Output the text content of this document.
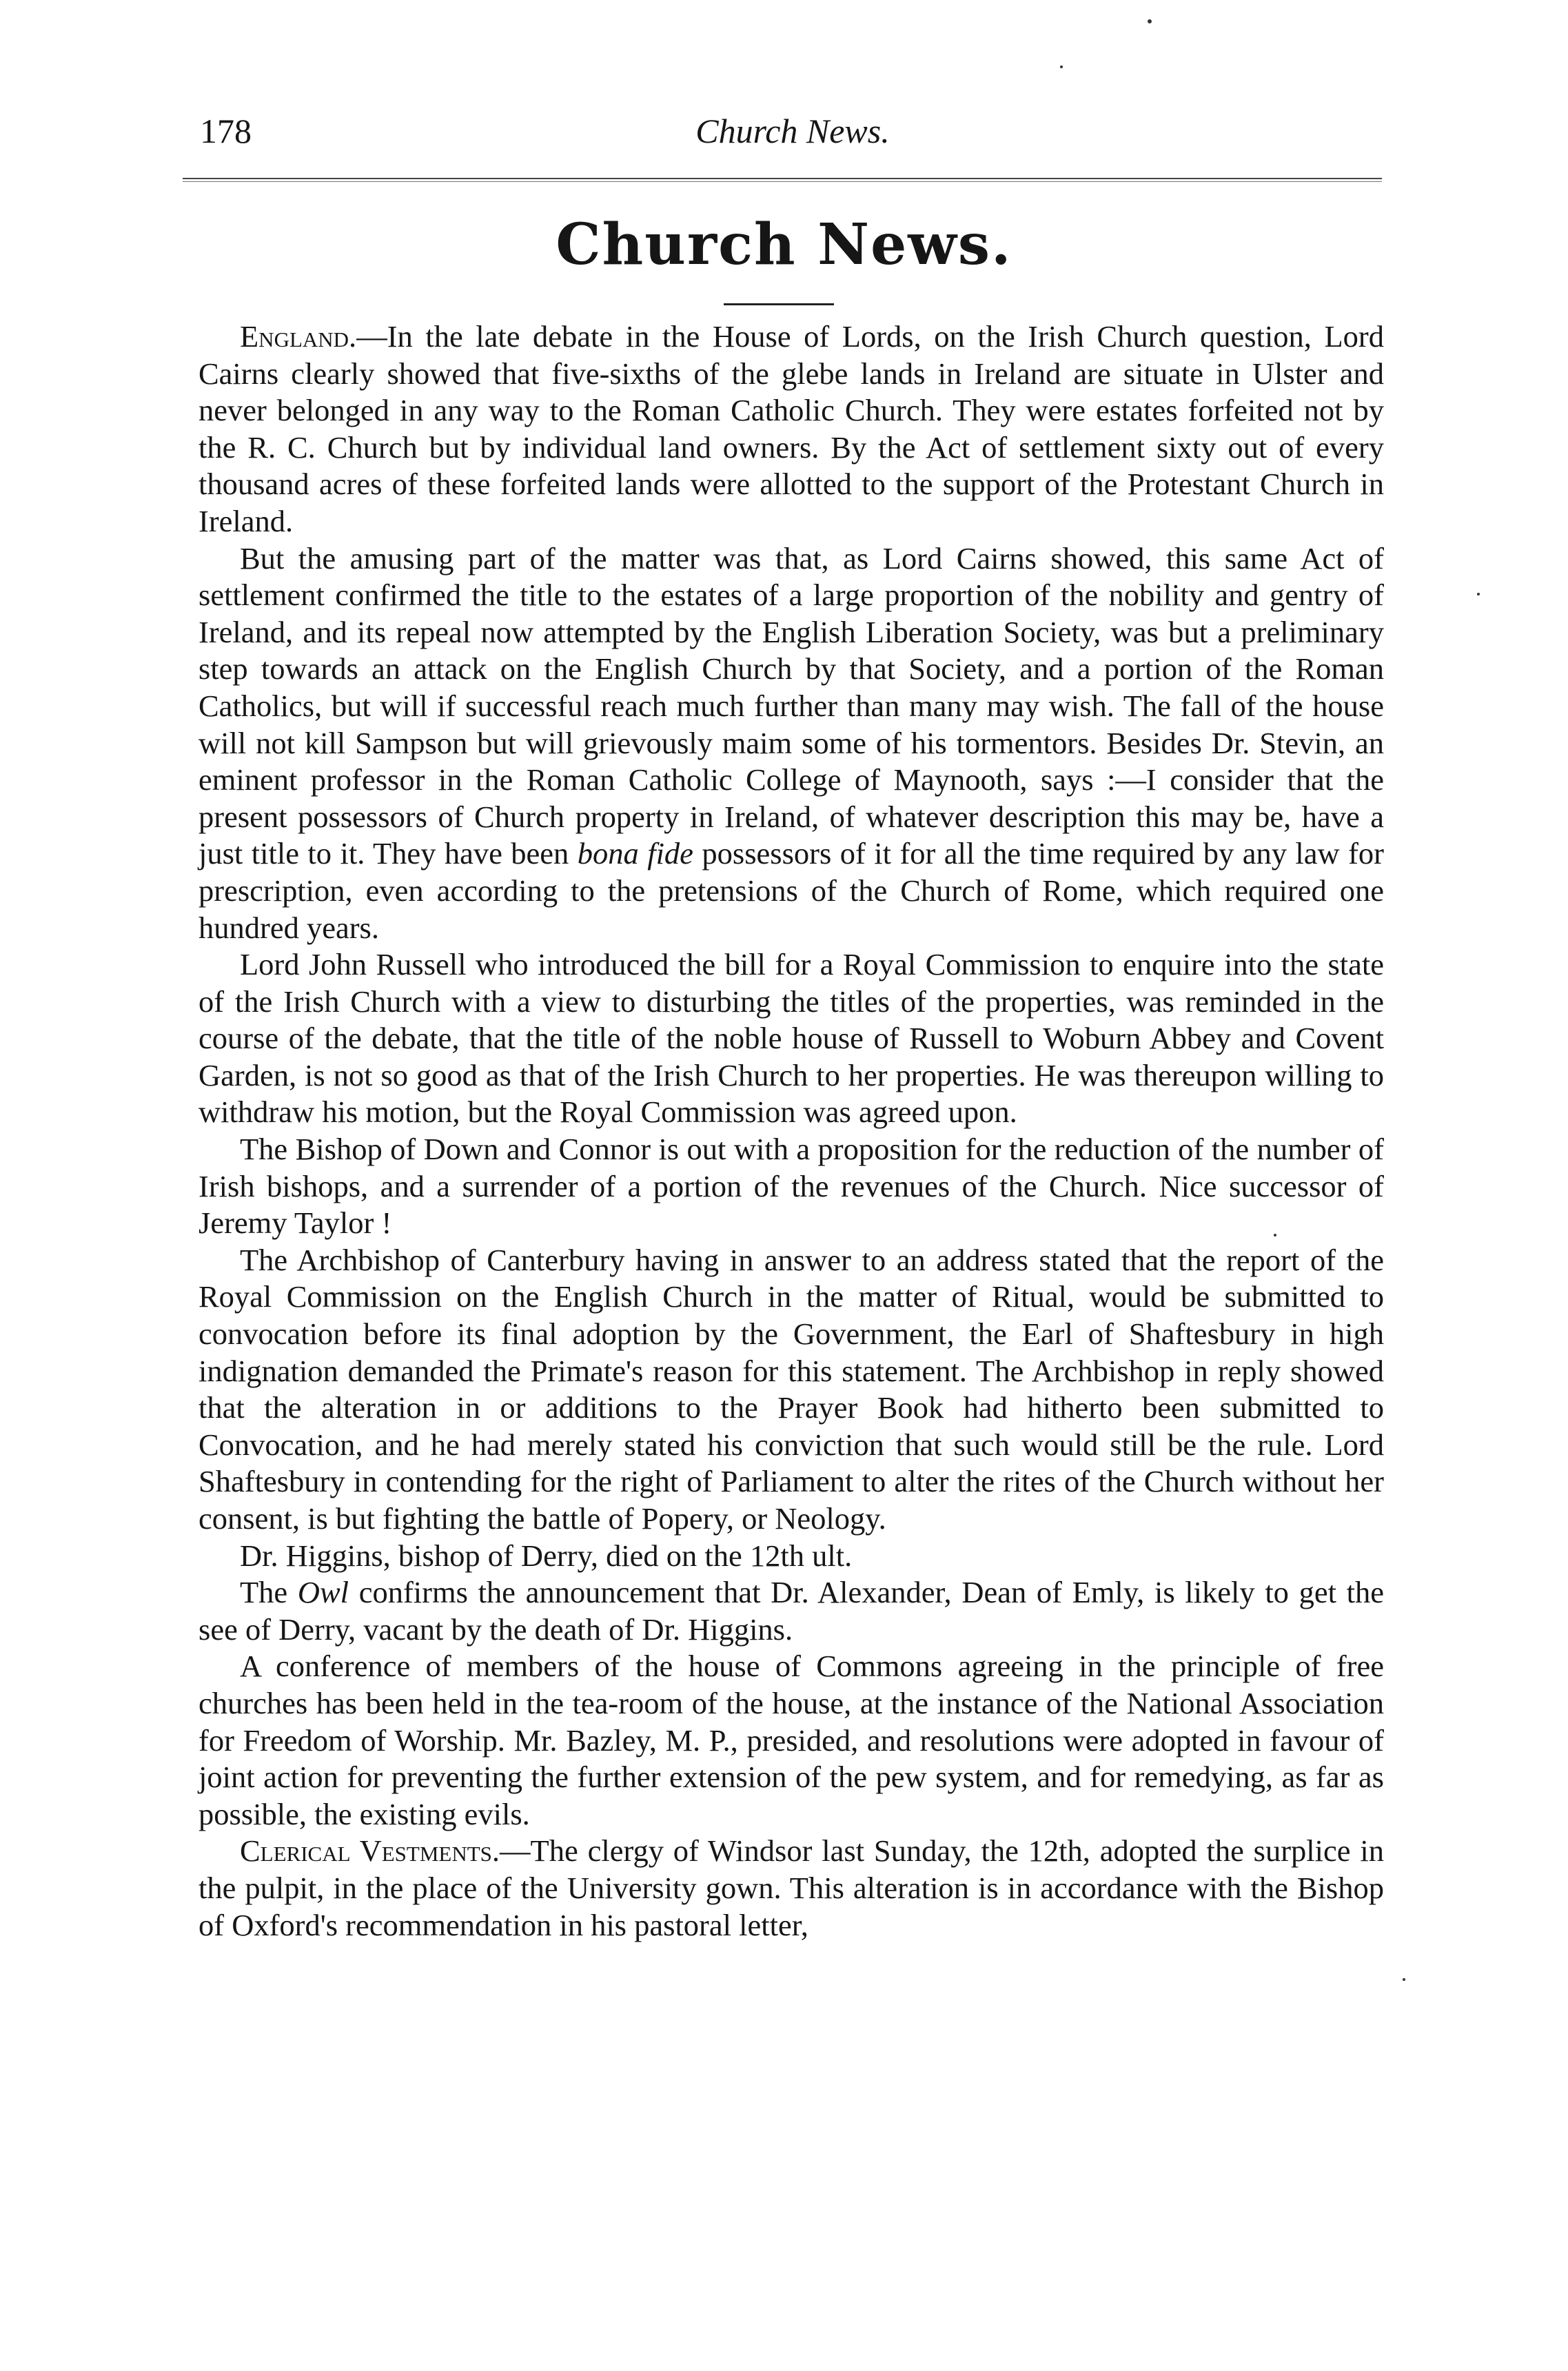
178	Church News.
Church News.

England.—In the late debate in the House of Lords, on the Irish Church question, Lord Cairns clearly showed that five-sixths of the glebe lands in Ireland are situate in Ulster and never belonged in any way to the Roman Catholic Church. They were estates forfeited not by the R. C. Church but by individual land owners. By the Act of settlement sixty out of every thousand acres of these forfeited lands were allotted to the support of the Protestant Church in Ireland.

But the amusing part of the matter was that, as Lord Cairns showed, this same Act of settlement confirmed the title to the estates of a large proportion of the nobility and gentry of Ireland, and its repeal now attempted by the English Liberation Society, was but a preliminary step towards an attack on the English Church by that Society, and a portion of the Roman Catholics, but will if successful reach much further than many may wish. The fall of the house will not kill Sampson but will grievously maim some of his tormentors. Besides Dr. Stevin, an eminent professor in the Roman Catholic College of Maynooth, says :—I consider that the present possessors of Church property in Ireland, of whatever description this may be, have a just title to it. They have been bona fide possessors of it for all the time required by any law for prescription, even according to the pretensions of the Church of Rome, which required one hundred years.

Lord John Russell who introduced the bill for a Royal Commission to enquire into the state of the Irish Church with a view to disturbing the titles of the properties, was reminded in the course of the debate, that the title of the noble house of Russell to Woburn Abbey and Covent Garden, is not so good as that of the Irish Church to her properties. He was thereupon willing to withdraw his motion, but the Royal Commission was agreed upon.

The Bishop of Down and Connor is out with a proposition for the reduction of the number of Irish bishops, and a surrender of a portion of the revenues of the Church. Nice successor of Jeremy Taylor !

The Archbishop of Canterbury having in answer to an address stated that the report of the Royal Commission on the English Church in the matter of Ritual, would be submitted to convocation before its final adoption by the Government, the Earl of Shaftesbury in high indignation demanded the Primate's reason for this statement. The Archbishop in reply showed that the alteration in or additions to the Prayer Book had hitherto been submitted to Convocation, and he had merely stated his conviction that such would still be the rule. Lord Shaftesbury in contending for the right of Parliament to alter the rites of the Church without her consent, is but fighting the battle of Popery, or Neology.

Dr. Higgins, bishop of Derry, died on the 12th ult.

The Owl confirms the announcement that Dr. Alexander, Dean of Emly, is likely to get the see of Derry, vacant by the death of Dr. Higgins.

A conference of members of the house of Commons agreeing in the principle of free churches has been held in the tea-room of the house, at the instance of the National Association for Freedom of Worship. Mr. Bazley, M. P., presided, and resolutions were adopted in favour of joint action for preventing the further extension of the pew system, and for remedying, as far as possible, the existing evils.

Clerical Vestments.—The clergy of Windsor last Sunday, the 12th, adopted the surplice in the pulpit, in the place of the University gown. This alteration is in accordance with the Bishop of Oxford's recommendation in his pastoral letter,
